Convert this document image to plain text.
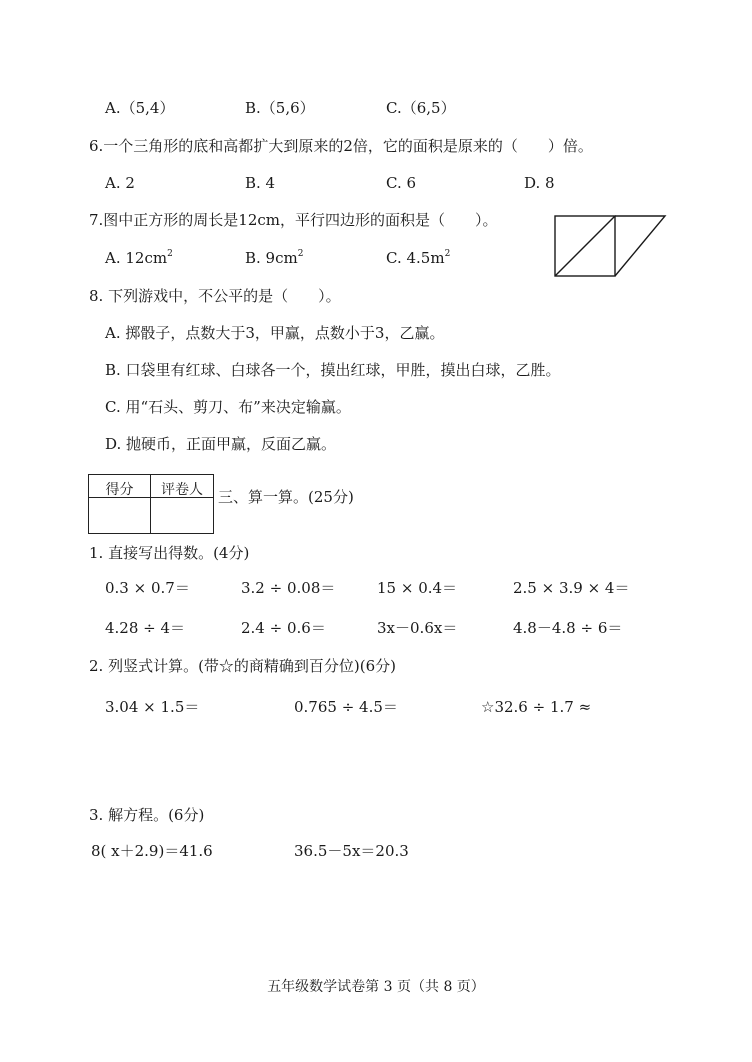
A.（5,4）	B.（5,6）	C.（6,5）
6.一个三角形的底和高都扩大到原来的2倍，它的面积是原来的（　　）倍。
A. 2	B. 4	C. 6	D. 8
7.图中正方形的周长是12cm，平行四边形的面积是（　　）。
A. $12cm^2$	B. $9cm^2$	C. $4.5m^2$
8. 下列游戏中，不公平的是（　　）。
A. 掷骰子，点数大于3，甲赢，点数小于3，乙赢。
B. 口袋里有红球、白球各一个，摸出红球，甲胜，摸出白球，乙胜。
C. 用“石头、剪刀、布”来决定输赢。
D. 抛硬币，正面甲赢，反面乙赢。
得分	评卷人	三、算一算。(25分)
1. 直接写出得数。(4分)
0.3 × 0.7＝	3.2 ÷ 0.08＝	15 × 0.4＝	2.5 × 3.9 × 4＝
4.28 ÷ 4＝	2.4 ÷ 0.6＝	3x－0.6x＝	4.8－4.8 ÷ 6＝
2. 列竖式计算。(带☆的商精确到百分位)(6分)
3.04 × 1.5＝	0.765 ÷ 4.5＝	☆32.6 ÷ 1.7 ≈
3. 解方程。(6分)
8( x＋2.9)＝41.6	36.5－5x＝20.3
五年级数学试卷第 3 页（共 8 页）
